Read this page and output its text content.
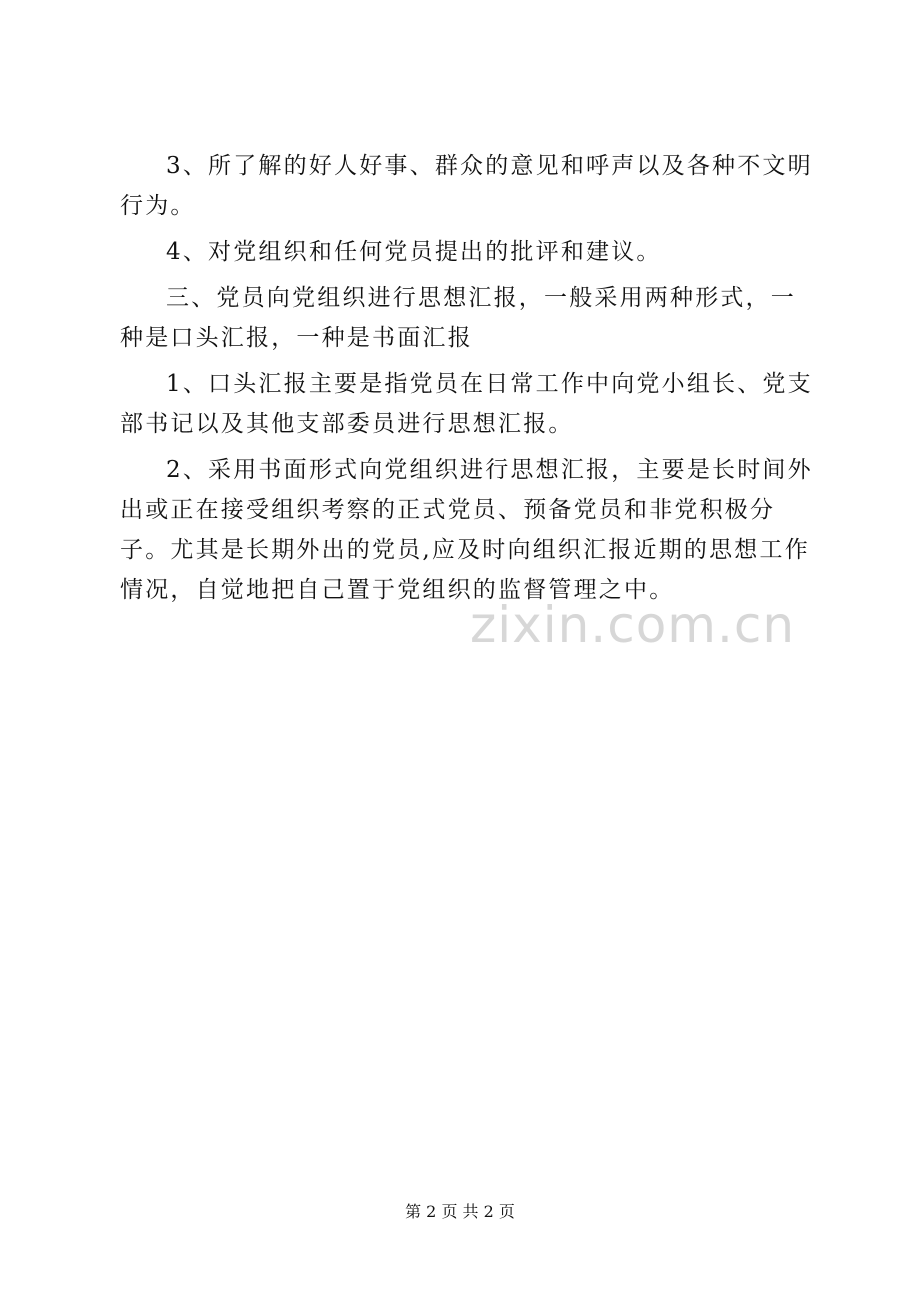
zixin.com.cn

3、所了解的好人好事、群众的意见和呼声以及各种不文明行为。

4、对党组织和任何党员提出的批评和建议。

三、党员向党组织进行思想汇报，一般采用两种形式，一种是口头汇报，一种是书面汇报

1、口头汇报主要是指党员在日常工作中向党小组长、党支部书记以及其他支部委员进行思想汇报。

2、采用书面形式向党组织进行思想汇报，主要是长时间外出或正在接受组织考察的正式党员、预备党员和非党积极分子。尤其是长期外出的党员,应及时向组织汇报近期的思想工作情况，自觉地把自己置于党组织的监督管理之中。

第 2 页 共 2 页
